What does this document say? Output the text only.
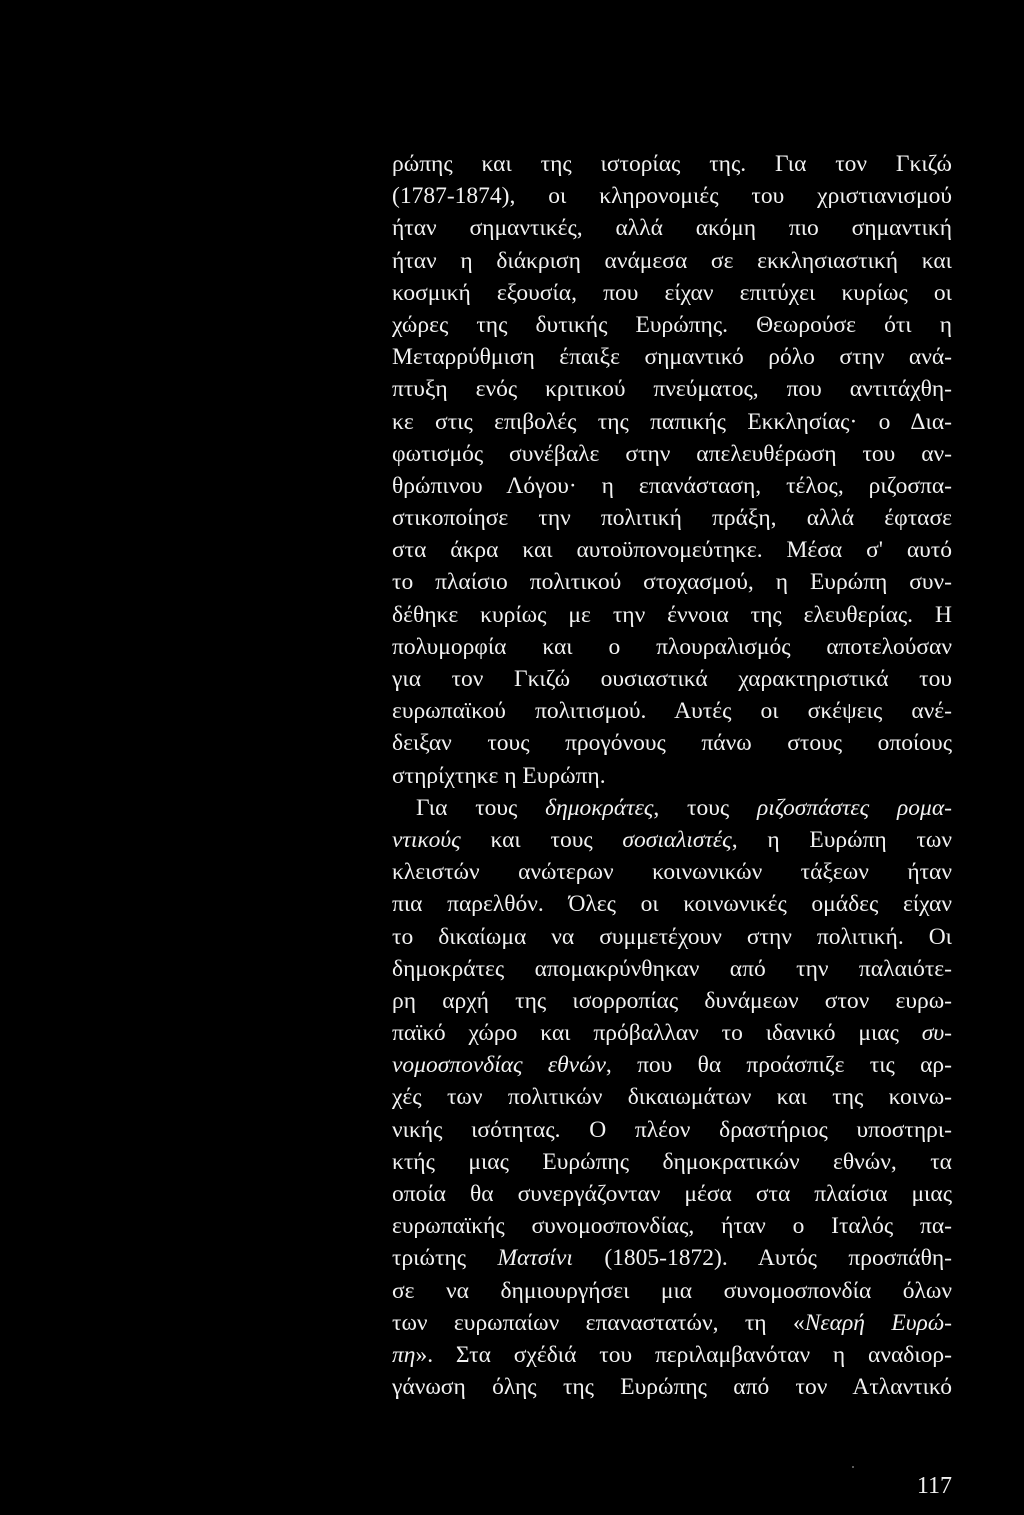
ρώπης και της ιστορίας της. Για τον Γκιζώ
(1787-1874), οι κληρονομιές του χριστιανισμού
ήταν σημαντικές, αλλά ακόμη πιο σημαντική
ήταν η διάκριση ανάμεσα σε εκκλησιαστική και
κοσμική εξουσία, που είχαν επιτύχει κυρίως οι
χώρες της δυτικής Ευρώπης. Θεωρούσε ότι η
Μεταρρύθμιση έπαιξε σημαντικό ρόλο στην ανά-
πτυξη ενός κριτικού πνεύματος, που αντιτάχθη-
κε στις επιβολές της παπικής Εκκλησίας· ο Δια-
φωτισμός συνέβαλε στην απελευθέρωση του αν-
θρώπινου Λόγου· η επανάσταση, τέλος, ριζοσπα-
στικοποίησε την πολιτική πράξη, αλλά έφτασε
στα άκρα και αυτοϋπονομεύτηκε. Μέσα σ' αυτό
το πλαίσιο πολιτικού στοχασμού, η Ευρώπη συν-
δέθηκε κυρίως με την έννοια της ελευθερίας. Η
πολυμορφία και ο πλουραλισμός αποτελούσαν
για τον Γκιζώ ουσιαστικά χαρακτηριστικά του
ευρωπαϊκού πολιτισμού. Αυτές οι σκέψεις ανέ-
δειξαν τους προγόνους πάνω στους οποίους
στηρίχτηκε η Ευρώπη.
Για τους δημοκράτες, τους ριζοσπάστες ρομα-
ντικούς και τους σοσιαλιστές, η Ευρώπη των
κλειστών ανώτερων κοινωνικών τάξεων ήταν
πια παρελθόν. Όλες οι κοινωνικές ομάδες είχαν
το δικαίωμα να συμμετέχουν στην πολιτική. Οι
δημοκράτες απομακρύνθηκαν από την παλαιότε-
ρη αρχή της ισορροπίας δυνάμεων στον ευρω-
παϊκό χώρο και πρόβαλλαν το ιδανικό μιας συ-
νομοσπονδίας εθνών, που θα προάσπιζε τις αρ-
χές των πολιτικών δικαιωμάτων και της κοινω-
νικής ισότητας. Ο πλέον δραστήριος υποστηρι-
κτής μιας Ευρώπης δημοκρατικών εθνών, τα
οποία θα συνεργάζονταν μέσα στα πλαίσια μιας
ευρωπαϊκής συνομοσπονδίας, ήταν ο Ιταλός πα-
τριώτης Ματσίνι (1805-1872). Αυτός προσπάθη-
σε να δημιουργήσει μια συνομοσπονδία όλων
των ευρωπαίων επαναστατών, τη «Νεαρή Ευρώ-
πη». Στα σχέδιά του περιλαμβανόταν η αναδιορ-
γάνωση όλης της Ευρώπης από τον Ατλαντικό
117
